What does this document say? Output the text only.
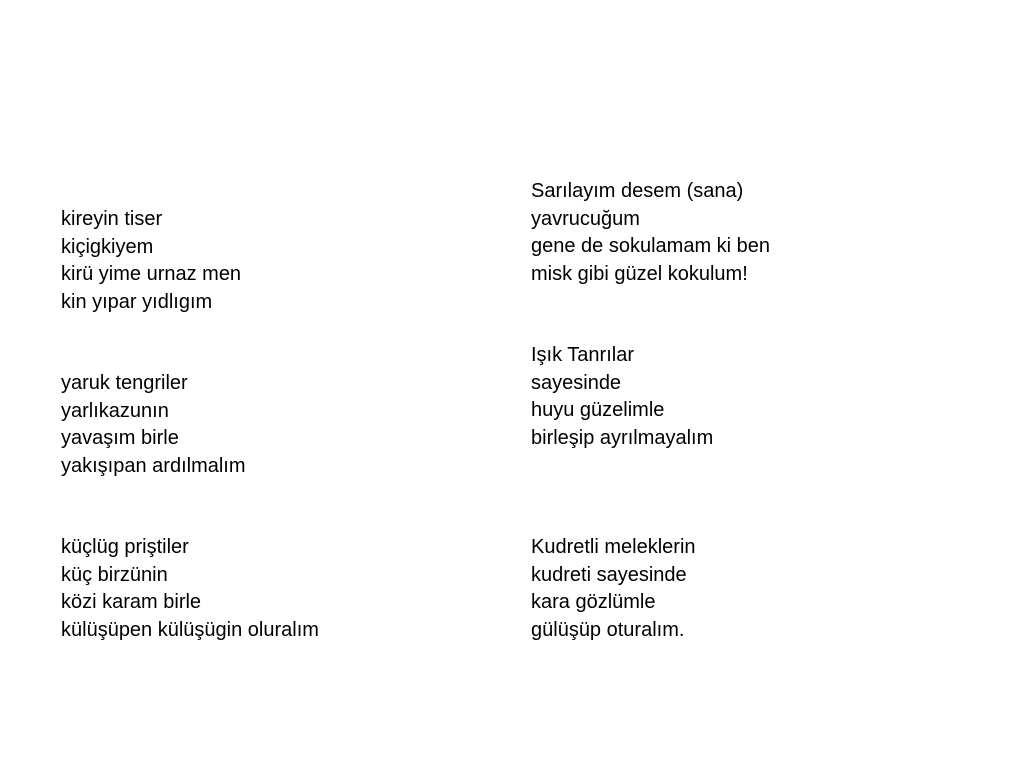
kireyin tiser
kiçigkiyem
kirü yime urnaz men
kin yıpar yıdlıgım

yaruk tengriler
yarlıkazunın
yavaşım birle
yakışıpan ardılmalım

küçlüg priştiler
küç birzünin
közi karam birle
külüşüpen külüşügin oluralım

Sarılayım desem (sana)
yavrucuğum
gene de sokulamam ki ben
misk gibi güzel kokulum!

Işık Tanrılar
sayesinde
huyu güzelimle
birleşip ayrılmayalım

Kudretli meleklerin
kudreti sayesinde
kara gözlümle
gülüşüp oturalım.
